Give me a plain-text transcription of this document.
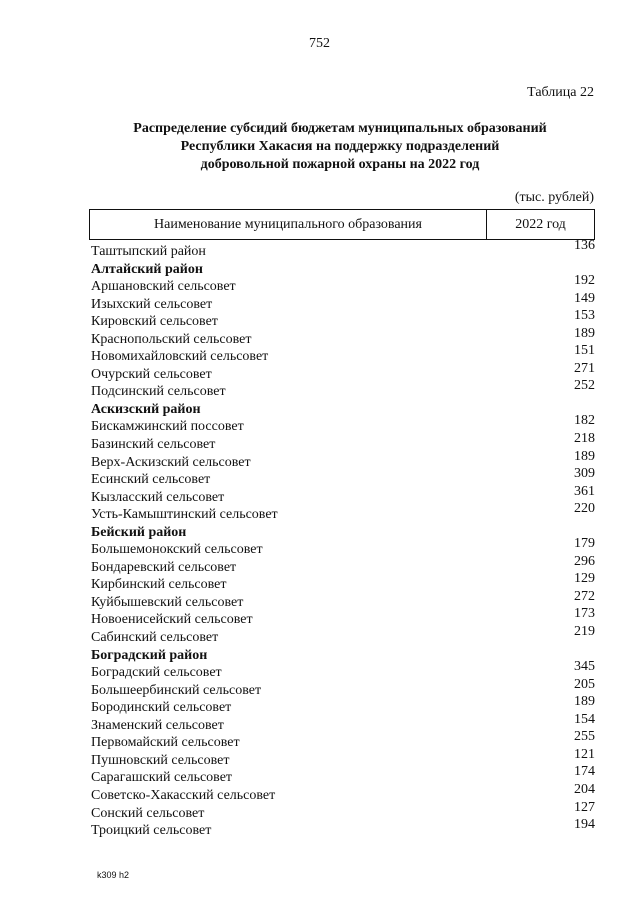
752
Таблица 22
Распределение субсидий бюджетам муниципальных образований
Республики Хакасия на поддержку подразделений
добровольной пожарной охраны на 2022 год
(тыс. рублей)
Наименование муниципального образования	2022 год
Таштыпский район	136
Алтайский район
Аршановский сельсовет	192
Изыхский сельсовет	149
Кировский сельсовет	153
Краснопольский сельсовет	189
Новомихайловский сельсовет	151
Очурский сельсовет	271
Подсинский сельсовет	252
Аскизский район
Бискамжинский поссовет	182
Базинский сельсовет	218
Верх-Аскизский сельсовет	189
Есинский сельсовет	309
Кызласский сельсовет	361
Усть-Камыштинский сельсовет	220
Бейский район
Большемонокский сельсовет	179
Бондаревский сельсовет	296
Кирбинский сельсовет	129
Куйбышевский сельсовет	272
Новоенисейский сельсовет	173
Сабинский сельсовет	219
Боградский район
Боградский сельсовет	345
Большеербинский сельсовет	205
Бородинский сельсовет	189
Знаменский сельсовет	154
Первомайский сельсовет	255
Пушновский сельсовет	121
Сарагашский сельсовет	174
Советско-Хакасский сельсовет	204
Сонский сельсовет	127
Троицкий сельсовет	194
k309 h2
